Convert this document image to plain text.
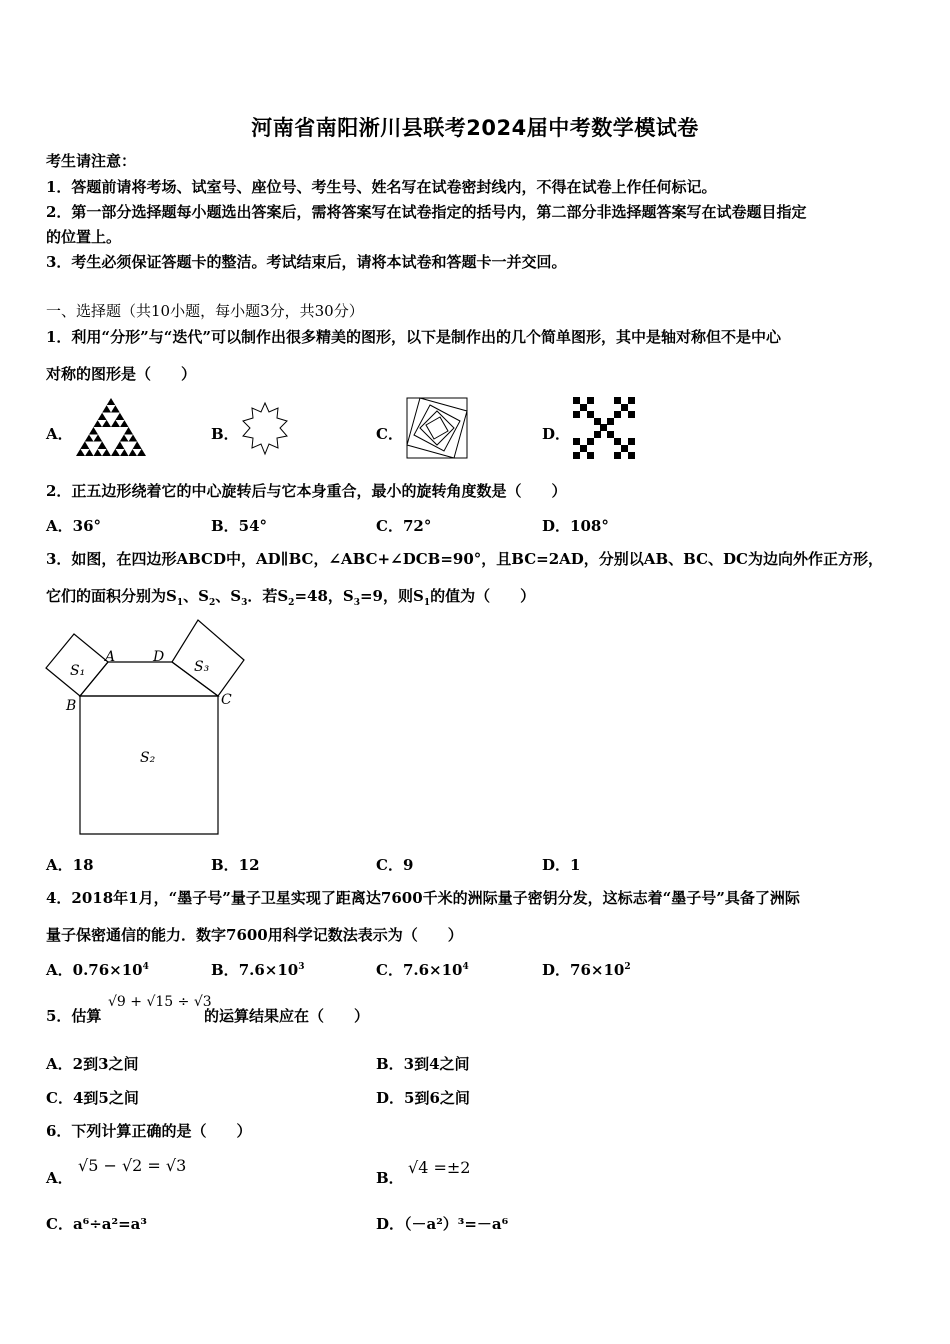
河南省南阳淅川县联考2024届中考数学模试卷
考生请注意：
1．答题前请将考场、试室号、座位号、考生号、姓名写在试卷密封线内，不得在试卷上作任何标记。
2．第一部分选择题每小题选出答案后，需将答案写在试卷指定的括号内，第二部分非选择题答案写在试卷题目指定
的位置上。
3．考生必须保证答题卡的整洁。考试结束后，请将本试卷和答题卡一并交回。
一、选择题（共10小题，每小题3分，共30分）
1．利用“分形”与“迭代”可以制作出很多精美的图形，以下是制作出的几个简单图形，其中是轴对称但不是中心
对称的图形是（　　）
A．	B．	C．	D．
2．正五边形绕着它的中心旋转后与它本身重合，最小的旋转角度数是（　　）
A．36°	B．54°	C．72°	D．108°
3．如图，在四边形ABCD中，AD∥BC，∠ABC+∠DCB=90°，且BC=2AD，分别以AB、BC、DC为边向外作正方形，
它们的面积分别为$S_1$、$S_2$、$S_3$．若$S_2=48$，$S_3=9$，则$S_1$的值为（　　）
B	C
A	D
S₁	S₃
S₂
A．18	B．12	C．9	D．1
4．2018年1月，“墨子号”量子卫星实现了距离达7600千米的洲际量子密钥分发，这标志着“墨子号”具备了洲际
量子保密通信的能力．数字7600用科学记数法表示为（　　）
A．$0.76\times 10^4$	B．$7.6\times 10^3$	C．$7.6\times 10^4$	D．$76\times 10^2$
5．估算
√9 + √15 ÷ √3
的运算结果应在（　　）
A．2到3之间	B．3到4之间
C．4到5之间	D．5到6之间
6．下列计算正确的是（　　）
A．
√5 − √2 = √3
B．
√4 =±2
C．a⁶÷a²=a³	D．（－a²）³=－a⁶
